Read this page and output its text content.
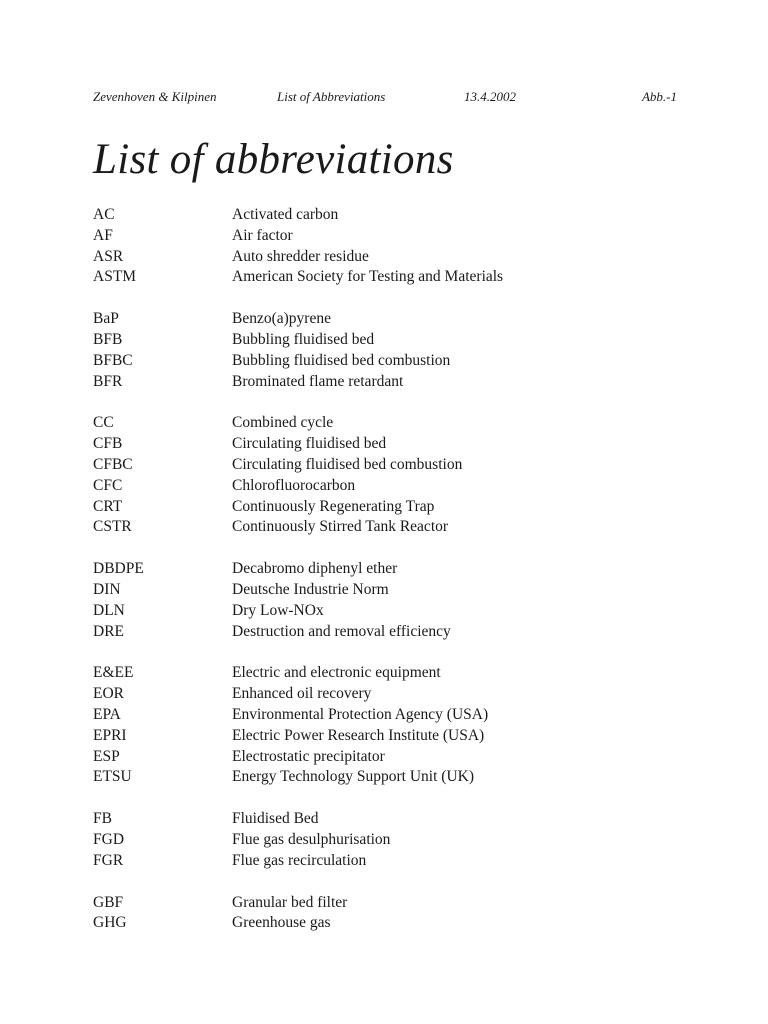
Zevenhoven & Kilpinen	List of Abbreviations	13.4.2002	Abb.-1
List of abbreviations
AC	Activated carbon
AF	Air factor
ASR	Auto shredder residue
ASTM	American Society for Testing and Materials
BaP	Benzo(a)pyrene
BFB	Bubbling fluidised bed
BFBC	Bubbling fluidised bed combustion
BFR	Brominated flame retardant
CC	Combined cycle
CFB	Circulating fluidised bed
CFBC	Circulating fluidised bed combustion
CFC	Chlorofluorocarbon
CRT	Continuously Regenerating Trap
CSTR	Continuously Stirred Tank Reactor
DBDPE	Decabromo diphenyl ether
DIN	Deutsche Industrie Norm
DLN	Dry Low-NOx
DRE	Destruction and removal efficiency
E&EE	Electric and electronic equipment
EOR	Enhanced oil recovery
EPA	Environmental Protection Agency (USA)
EPRI	Electric Power Research Institute (USA)
ESP	Electrostatic precipitator
ETSU	Energy Technology Support Unit (UK)
FB	Fluidised Bed
FGD	Flue gas desulphurisation
FGR	Flue gas recirculation
GBF	Granular bed filter
GHG	Greenhouse gas
